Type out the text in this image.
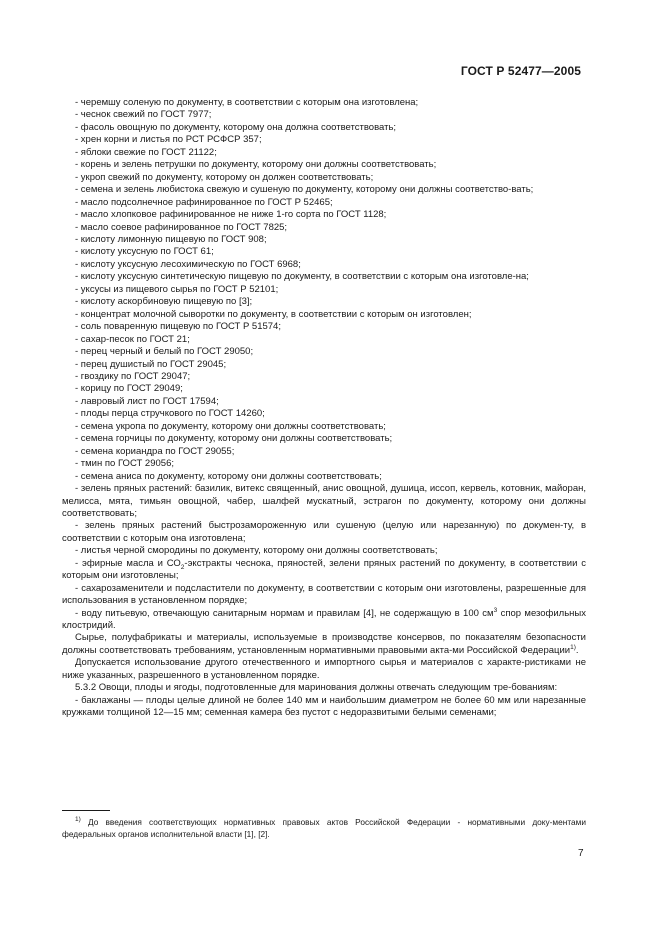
ГОСТ Р 52477—2005

- черемшу соленую по документу, в соответствии с которым она изготовлена;

- чеснок свежий по ГОСТ 7977;

- фасоль овощную по документу, которому она должна соответствовать;

- хрен корни и листья по РСТ РСФСР 357;

- яблоки свежие по ГОСТ 21122;

- корень и зелень петрушки по документу, которому они должны соответствовать;

- укроп свежий по документу, которому он должен соответствовать;

- семена и зелень любистока свежую и сушеную по документу, которому они должны соответство-вать;

- масло подсолнечное рафинированное по ГОСТ Р 52465;

- масло хлопковое рафинированное не ниже 1-го сорта по ГОСТ 1128;

- масло соевое рафинированное по ГОСТ 7825;

- кислоту лимонную пищевую по ГОСТ 908;

- кислоту уксусную по ГОСТ 61;

- кислоту уксусную лесохимическую по ГОСТ 6968;

- кислоту уксусную синтетическую пищевую по документу, в соответствии с которым она изготовле-на;

- уксусы из пищевого сырья по ГОСТ Р 52101;

- кислоту аскорбиновую пищевую по [3];

- концентрат молочной сыворотки по документу, в соответствии с которым он изготовлен;

- соль поваренную пищевую по ГОСТ Р 51574;

- сахар-песок по ГОСТ 21;

- перец черный и белый по ГОСТ 29050;

- перец душистый по ГОСТ 29045;

- гвоздику по ГОСТ 29047;

- корицу по ГОСТ 29049;

- лавровый лист по ГОСТ 17594;

- плоды перца стручкового по ГОСТ 14260;

- семена укропа по документу, которому они должны соответствовать;

- семена горчицы по документу, которому они должны соответствовать;

- семена кориандра по ГОСТ 29055;

- тмин по ГОСТ 29056;

- семена аниса по документу, которому они должны соответствовать;

- зелень пряных растений: базилик, витекс священный, анис овощной, душица, иссоп, кервель, котовник, майоран, мелисса, мята, тимьян овощной, чабер, шалфей мускатный, эстрагон по документу, которому они должны соответствовать;

- зелень пряных растений быстрозамороженную или сушеную (целую или нарезанную) по докумен-ту, в соответствии с которым она изготовлена;

- листья черной смородины по документу, которому они должны соответствовать;

- эфирные масла и $СО_2$-экстракты чеснока, пряностей, зелени пряных растений по документу, в соответствии с которым они изготовлены;

- сахарозаменители и подсластители по документу, в соответствии с которым они изготовлены, разрешенные для использования в установленном порядке;

- воду питьевую, отвечающую санитарным нормам и правилам [4], не содержащую в 100 $см^3$ спор мезофильных клостридий.

Сырье, полуфабрикаты и материалы, используемые в производстве консервов, по показателям безопасности должны соответствовать требованиям, установленным нормативными правовыми акта-ми Российской Федерации$^{1)}$.

Допускается использование другого отечественного и импортного сырья и материалов с характе-ристиками не ниже указанных, разрешенного в установленном порядке.

5.3.2 Овощи, плоды и ягоды, подготовленные для маринования должны отвечать следующим тре-бованиям:

- баклажаны — плоды целые длиной не более 140 мм и наибольшим диаметром не более 60 мм или нарезанные кружками толщиной 12—15 мм; семенная камера без пустот с недоразвитыми белыми семенами;

$^{1)}$ До введения соответствующих нормативных правовых актов Российской Федерации - нормативными доку-ментами федеральных органов исполнительной власти [1], [2].
7
